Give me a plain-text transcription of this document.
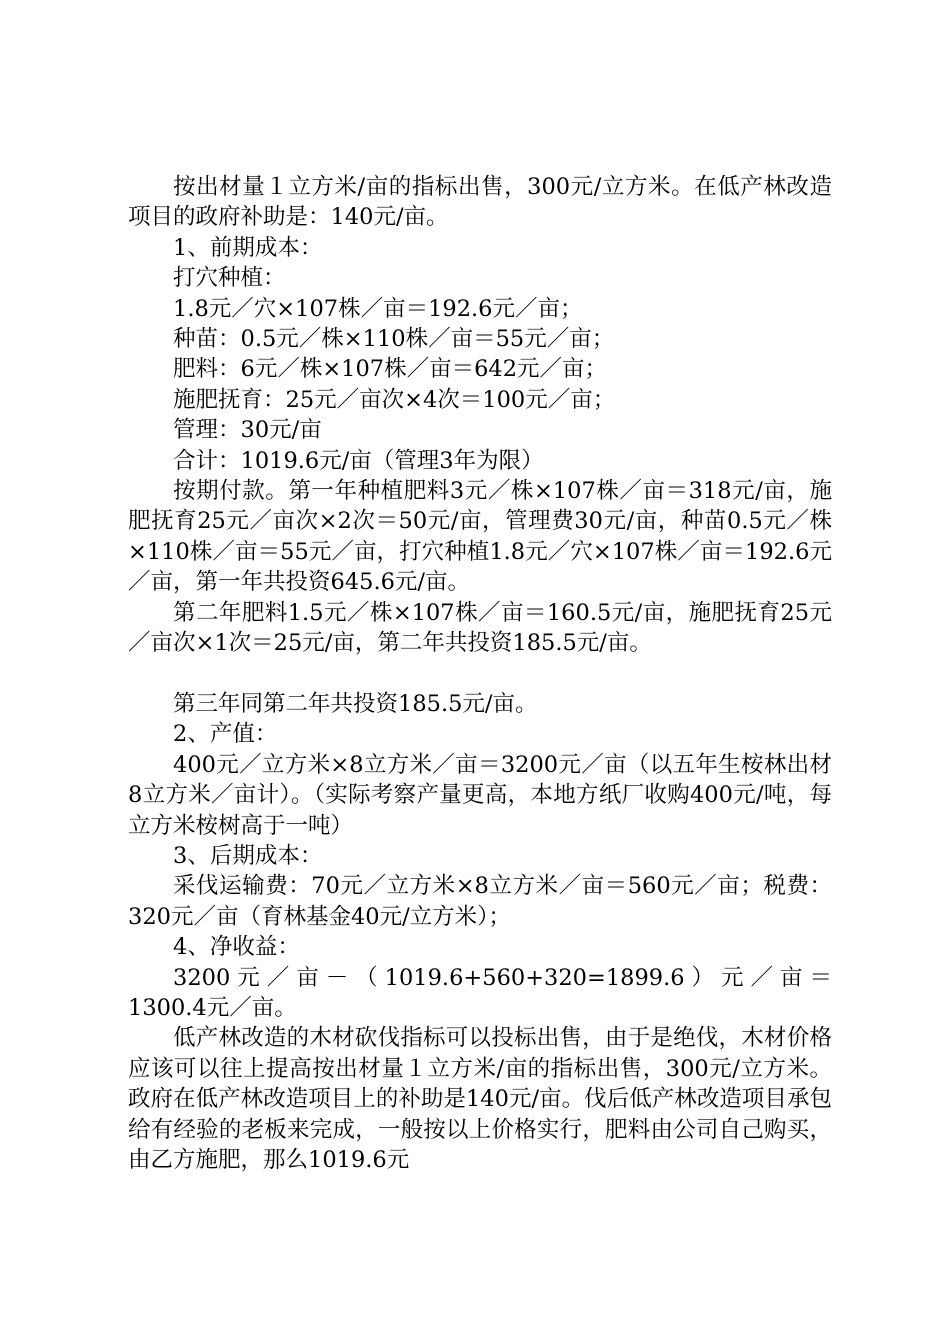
按出材量１立方米/亩的指标出售，300元/立方米。在低产林改造项目的政府补助是：140元/亩。

1、前期成本：

打穴种植：

1.8元／穴×107株／亩＝192.6元／亩；

种苗：0.5元／株×110株／亩＝55元／亩；

肥料：6元／株×107株／亩＝642元／亩；

施肥抚育：25元／亩次×4次＝100元／亩；

管理：30元/亩

合计：1019.6元/亩（管理3年为限）

按期付款。第一年种植肥料3元／株×107株／亩＝318元/亩，施肥抚育25元／亩次×2次＝50元/亩，管理费30元/亩，种苗0.5元／株×110株／亩＝55元／亩，打穴种植1.8元／穴×107株／亩＝192.6元／亩，第一年共投资645.6元/亩。

第二年肥料1.5元／株×107株／亩＝160.5元/亩，施肥抚育25元／亩次×1次＝25元/亩，第二年共投资185.5元/亩。

第三年同第二年共投资185.5元/亩。

2、产值：

400元／立方米×8立方米／亩＝3200元／亩（以五年生桉林出材8立方米／亩计）。（实际考察产量更高，本地方纸厂收购400元/吨，每立方米桉树高于一吨）

3、后期成本：

采伐运输费：70元／立方米×8立方米／亩＝560元／亩；税费：320元／亩（育林基金40元/立方米）；

4、净收益：

3200元／亩－（1019.6+560+320=1899.6）元／亩＝1300.4元／亩。

低产林改造的木材砍伐指标可以投标出售，由于是绝伐，木材价格应该可以往上提高按出材量１立方米/亩的指标出售，300元/立方米。政府在低产林改造项目上的补助是140元/亩。伐后低产林改造项目承包给有经验的老板来完成，一般按以上价格实行，肥料由公司自己购买，由乙方施肥，那么1019.6元
